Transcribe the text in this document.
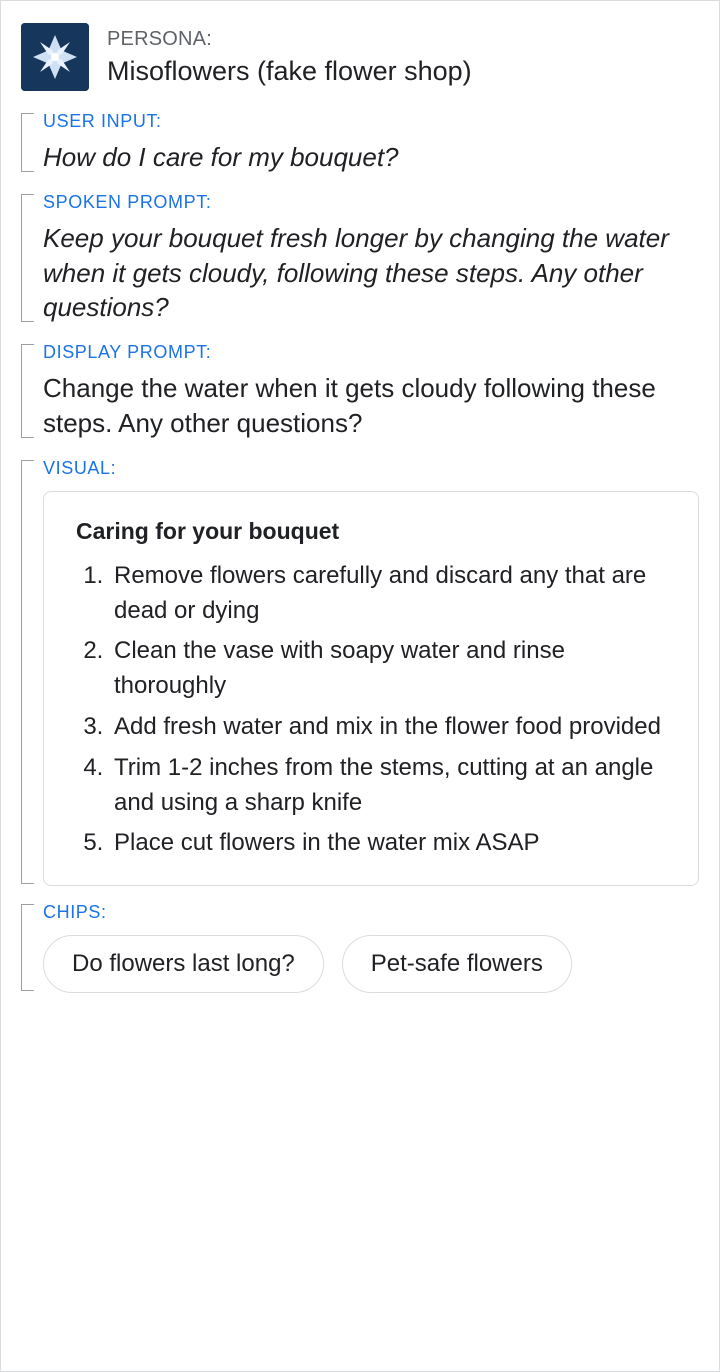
PERSONA:
Misoflowers (fake flower shop)
USER INPUT:
How do I care for my bouquet?
SPOKEN PROMPT:
Keep your bouquet fresh longer by changing the water when it gets cloudy, following these steps. Any other questions?
DISPLAY PROMPT:
Change the water when it gets cloudy following these steps. Any other questions?
VISUAL:
Caring for your bouquet
1. Remove flowers carefully and discard any that are dead or dying
2. Clean the vase with soapy water and rinse thoroughly
3. Add fresh water and mix in the flower food provided
4. Trim 1-2 inches from the stems, cutting at an angle and using a sharp knife
5. Place cut flowers in the water mix ASAP
CHIPS:
Do flowers last long?	Pet-safe flowers
